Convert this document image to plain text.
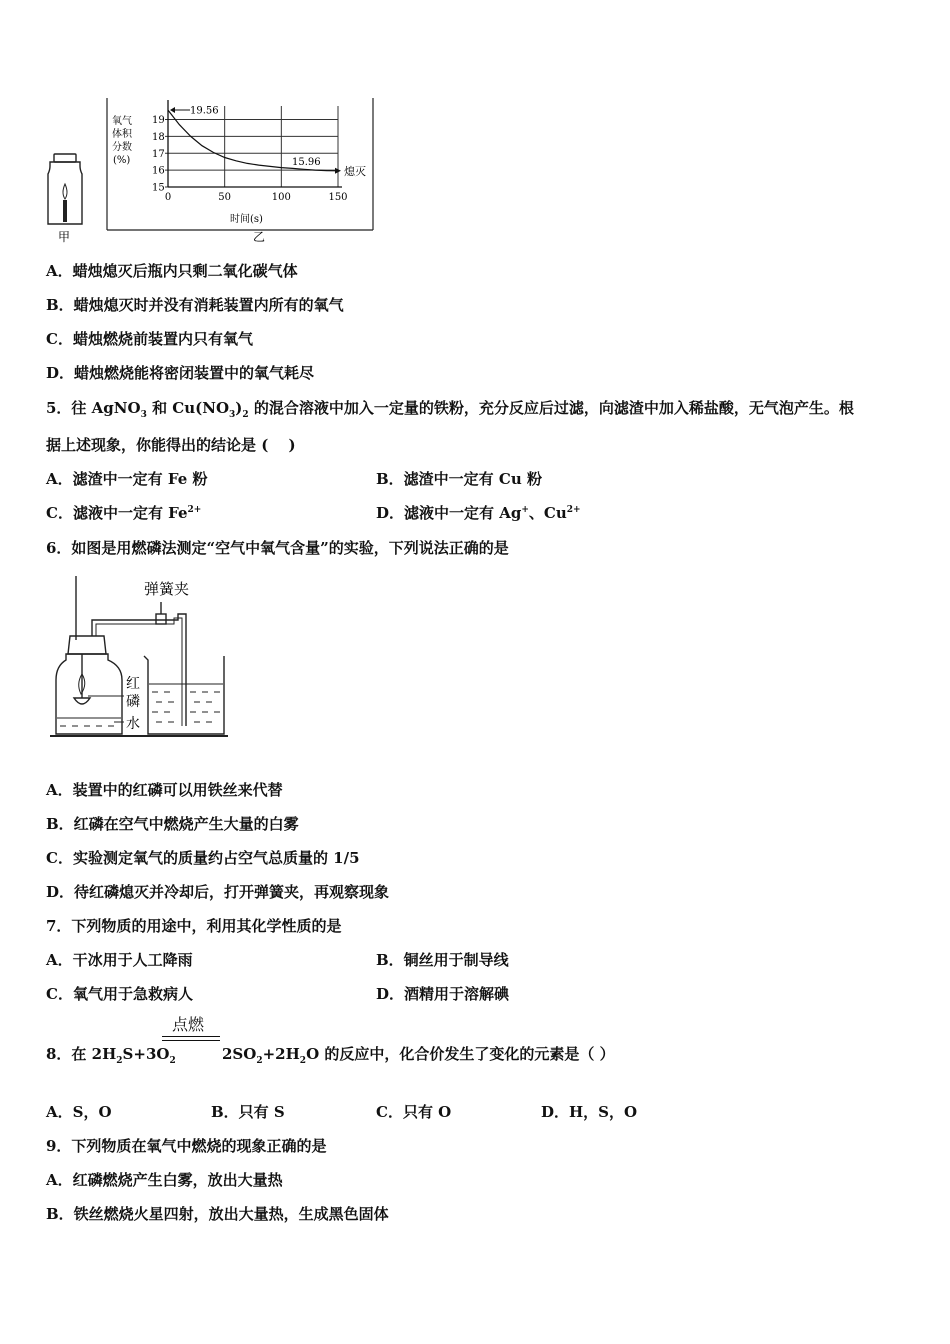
甲
氧气
体积
分数
(%)
15
16
17
18
19
0	50	100	150
19.56
15.96
熄灭
时间(s)
乙
A．蜡烛熄灭后瓶内只剩二氧化碳气体
B．蜡烛熄灭时并没有消耗装置内所有的氧气
C．蜡烛燃烧前装置内只有氧气
D．蜡烛燃烧能将密闭装置中的氧气耗尽
5．往 AgNO$_3$ 和 $Cu(NO_3)_2$ 的混合溶液中加入一定量的铁粉，充分反应后过滤，向滤渣中加入稀盐酸，无气泡产生。根
据上述现象，你能得出的结论是 (　 )
A．滤渣中一定有 Fe 粉	B．滤渣中一定有 Cu 粉
C．滤液中一定有 $Fe^{2+}$	D．滤液中一定有 Ag+、$Cu^{2+}$
6．如图是用燃磷法测定“空气中氧气含量”的实验，下列说法正确的是
弹簧夹
红
磷
水
A．装置中的红磷可以用铁丝来代替
B．红磷在空气中燃烧产生大量的白雾
C．实验测定氧气的质量约占空气总质量的 1/5
D．待红磷熄灭并冷却后，打开弹簧夹，再观察现象
7．下列物质的用途中，利用其化学性质的是
A．干冰用于人工降雨	B．铜丝用于制导线
C．氧气用于急救病人	D．酒精用于溶解碘
点燃
8．在 $2H_2S+3O_2$	$2SO_2+2H_2O$ 的反应中，化合价发生了变化的元素是（ ）
A．S，O	B．只有 S	C．只有 O	D．H，S，O
9．下列物质在氧气中燃烧的现象正确的是
A．红磷燃烧产生白雾，放出大量热
B．铁丝燃烧火星四射，放出大量热，生成黑色固体
